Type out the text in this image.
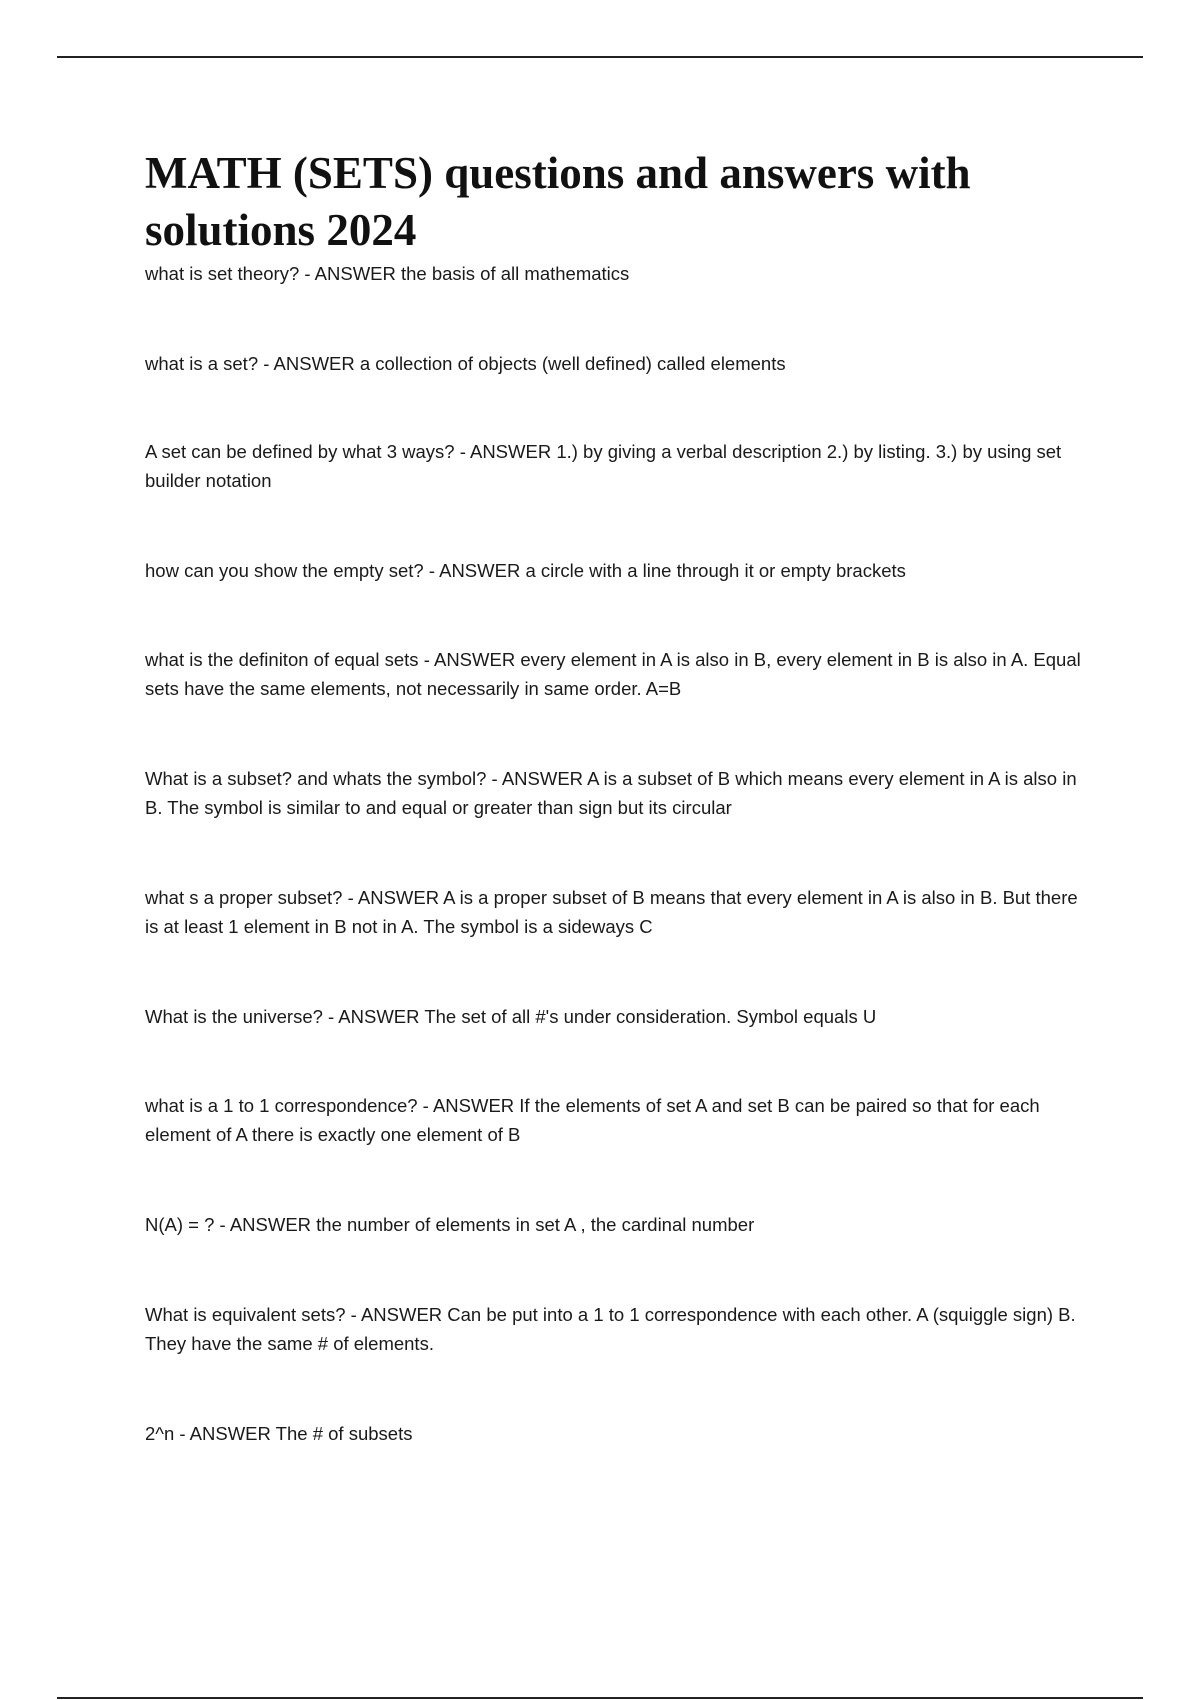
MATH (SETS) questions and answers with solutions 2024
what is set theory? - ANSWER the basis of all mathematics
what is a set? - ANSWER a collection of objects (well defined) called elements
A set can be defined by what 3 ways? - ANSWER 1.) by giving a verbal description 2.) by listing. 3.) by using set builder notation
how can you show the empty set? - ANSWER a circle with a line through it or empty brackets
what is the definiton of equal sets - ANSWER every element in A is also in B, every element in B is also in A. Equal sets have the same elements, not necessarily in same order. A=B
What is a subset? and whats the symbol? - ANSWER A is a subset of B which means every element in A is also in B. The symbol is similar to and equal or greater than sign but its circular
what s a proper subset? - ANSWER A is a proper subset of B means that every element in A is also in B. But there is at least 1 element in B not in A. The symbol is a sideways C
What is the universe? - ANSWER The set of all #'s under consideration. Symbol equals U
what is a 1 to 1 correspondence? - ANSWER If the elements of set A and set B can be paired so that for each element of A there is exactly one element of B
N(A) = ? - ANSWER the number of elements in set A , the cardinal number
What is equivalent sets? - ANSWER Can be put into a 1 to 1 correspondence with each other. A (squiggle sign) B. They have the same # of elements.
2^n - ANSWER The # of subsets
